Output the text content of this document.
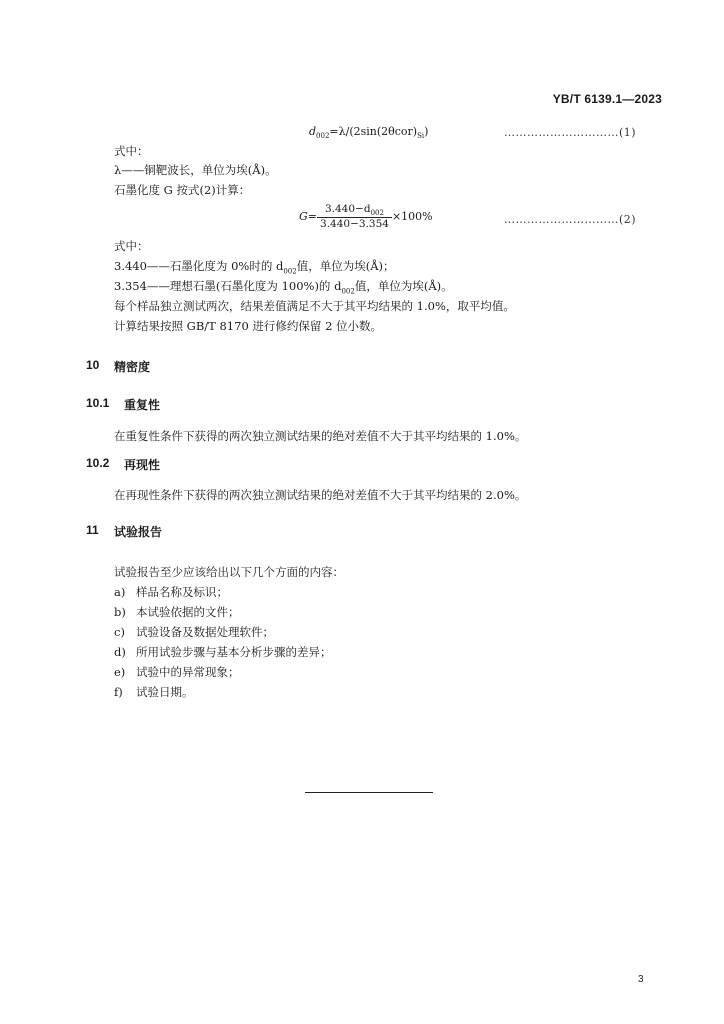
YB/T 6139.1—2023
$d_{002}=\lambda/(2\sin(2\theta cor)_{Si})$	…………………………(1)
式中：
λ——铜靶波长，单位为埃(Å)。
石墨化度 G 按式(2)计算：
$G= \frac{3.440-d_{002}}{3.440-3.354} \times 100\%$	…………………………(2)
式中：
3.440——石墨化度为 0%时的 $d_{002}$值，单位为埃(Å)；
3.354——理想石墨(石墨化度为 100%)的 $d_{002}$值，单位为埃(Å)。
每个样品独立测试两次，结果差值满足不大于其平均结果的 1.0%，取平均值。
计算结果按照 GB/T 8170 进行修约保留 2 位小数。
10 精密度
10.1 重复性
在重复性条件下获得的两次独立测试结果的绝对差值不大于其平均结果的 1.0%。
10.2 再现性
在再现性条件下获得的两次独立测试结果的绝对差值不大于其平均结果的 2.0%。
11 试验报告
试验报告至少应该给出以下几个方面的内容：
a) 样品名称及标识；
b) 本试验依据的文件；
c) 试验设备及数据处理软件；
d) 所用试验步骤与基本分析步骤的差异；
e) 试验中的异常现象；
f) 试验日期。
3
